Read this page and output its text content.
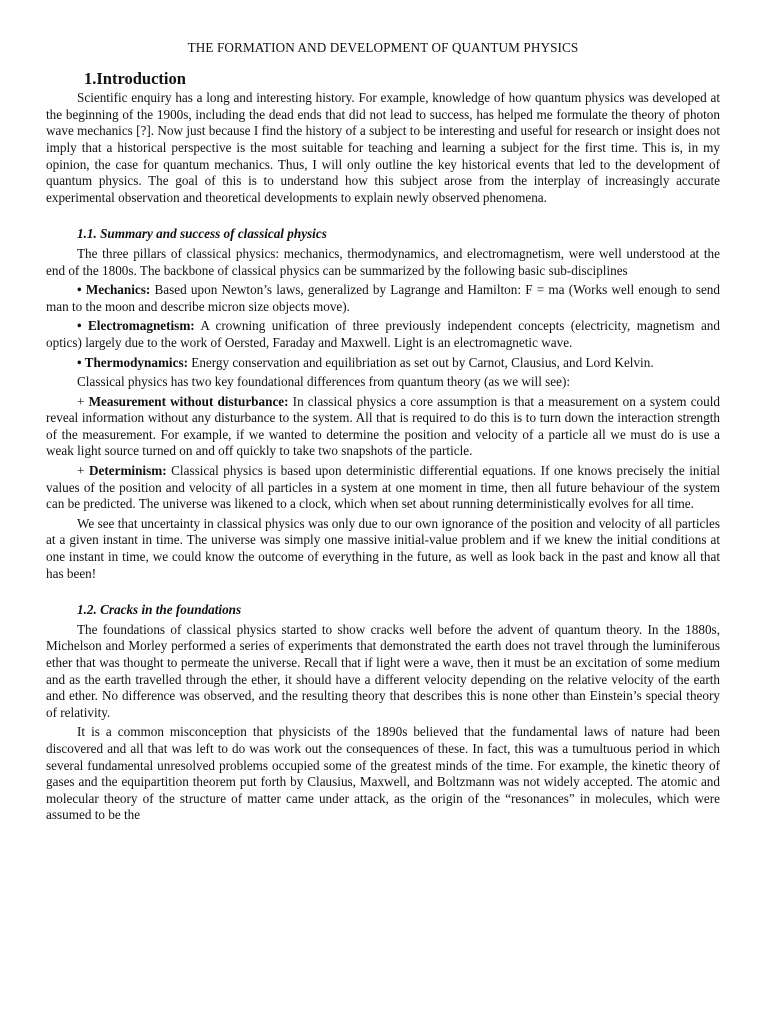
THE FORMATION AND DEVELOPMENT OF QUANTUM PHYSICS
1.Introduction

Scientific enquiry has a long and interesting history. For example, knowledge of how quantum physics was developed at the beginning of the 1900s, including the dead ends that did not lead to success, has helped me formulate the theory of photon wave mechanics [?]. Now just because I find the history of a subject to be interesting and useful for research or insight does not imply that a historical perspective is the most suitable for teaching and learning a subject for the first time. This is, in my opinion, the case for quantum mechanics. Thus, I will only outline the key historical events that led to the development of quantum physics. The goal of this is to understand how this subject arose from the interplay of increasingly accurate experimental observation and theoretical developments to explain newly observed phenomena.

1.1. Summary and success of classical physics

The three pillars of classical physics: mechanics, thermodynamics, and electromagnetism, were well understood at the end of the 1800s. The backbone of classical physics can be summarized by the following basic sub-disciplines

• Mechanics: Based upon Newton’s laws, generalized by Lagrange and Hamilton: F = ma (Works well enough to send man to the moon and describe micron size objects move).

• Electromagnetism: A crowning unification of three previously independent concepts (electricity, magnetism and optics) largely due to the work of Oersted, Faraday and Maxwell. Light is an electromagnetic wave.

• Thermodynamics: Energy conservation and equilibriation as set out by Carnot, Clausius, and Lord Kelvin.

Classical physics has two key foundational differences from quantum theory (as we will see):

+ Measurement without disturbance: In classical physics a core assumption is that a measurement on a system could reveal information without any disturbance to the system. All that is required to do this is to turn down the interaction strength of the measurement. For example, if we wanted to determine the position and velocity of a particle all we must do is use a weak light source turned on and off quickly to take two snapshots of the particle.

+ Determinism: Classical physics is based upon deterministic differential equations. If one knows precisely the initial values of the position and velocity of all particles in a system at one moment in time, then all future behaviour of the system can be predicted. The universe was likened to a clock, which when set about running deterministically evolves for all time.

We see that uncertainty in classical physics was only due to our own ignorance of the position and velocity of all particles at a given instant in time. The universe was simply one massive initial-value problem and if we knew the initial conditions at one instant in time, we could know the outcome of everything in the future, as well as look back in the past and know all that has been!

1.2. Cracks in the foundations

The foundations of classical physics started to show cracks well before the advent of quantum theory. In the 1880s, Michelson and Morley performed a series of experiments that demonstrated the earth does not travel through the luminiferous ether that was thought to permeate the universe. Recall that if light were a wave, then it must be an excitation of some medium and as the earth travelled through the ether, it should have a different velocity depending on the relative velocity of the earth and ether. No difference was observed, and the resulting theory that describes this is none other than Einstein’s special theory of relativity.

It is a common misconception that physicists of the 1890s believed that the fundamental laws of nature had been discovered and all that was left to do was work out the consequences of these. In fact, this was a tumultuous period in which several fundamental unresolved problems occupied some of the greatest minds of the time. For example, the kinetic theory of gases and the equipartition theorem put forth by Clausius, Maxwell, and Boltzmann was not widely accepted. The atomic and molecular theory of the structure of matter came under attack, as the origin of the “resonances” in molecules, which were assumed to be the
